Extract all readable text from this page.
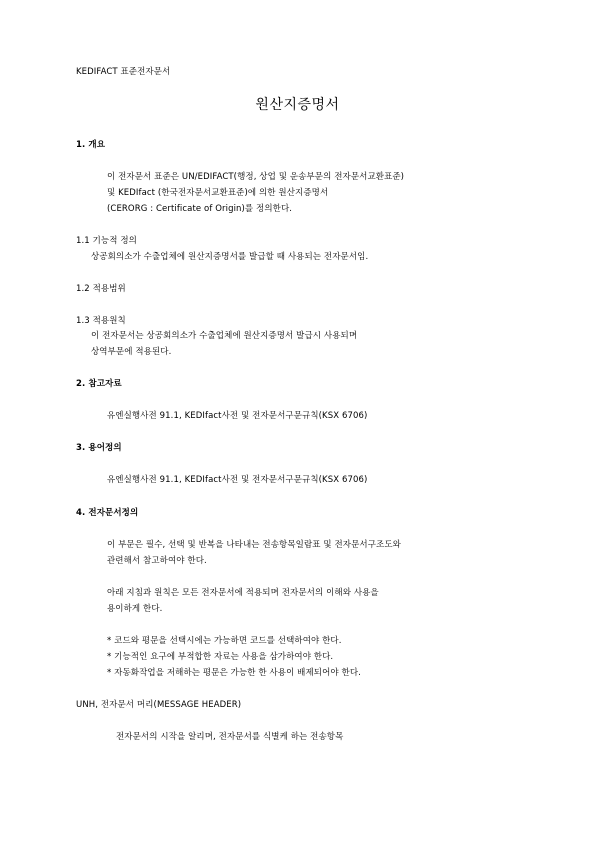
KEDIFACT 표준전자문서
원산지증명서
1. 개요
이 전자문서 표준은 UN/EDIFACT(행정, 상업 및 운송부문의 전자문서교환표준)
및 KEDIfact (한국전자문서교환표준)에 의한 원산지증명서
(CERORG : Certificate of Origin)를 정의한다.
1.1 기능적 정의
상공회의소가 수출업체에 원산지증명서를 발급할 때 사용되는 전자문서임.
1.2 적용범위
1.3 적용원칙
이 전자문서는 상공회의소가 수출업체에 원산지증명서 발급시 사용되며
상역부문에 적용된다.
2. 참고자료
유엔실행사전 91.1, KEDIfact사전 및 전자문서구문규칙(KSX 6706)
3. 용어정의
유엔실행사전 91.1, KEDIfact사전 및 전자문서구문규칙(KSX 6706)
4. 전자문서정의
이 부문은 필수, 선택 및 반복을 나타내는 전송항목일람표 및 전자문서구조도와
관련해서 참고하여야 한다.
아래 지침과 원칙은 모든 전자문서에 적용되며 전자문서의 이해와 사용을
용이하게 한다.
* 코드와 평문을 선택시에는 가능하면 코드를 선택하여야 한다.
* 기능적인 요구에 부적합한 자료는 사용을 삼가하여야 한다.
* 자동화작업을 저해하는 평문은 가능한 한 사용이 배제되어야 한다.
UNH, 전자문서 머리(MESSAGE HEADER)
전자문서의 시작을 알리며, 전자문서를 식별케 하는 전송항목
